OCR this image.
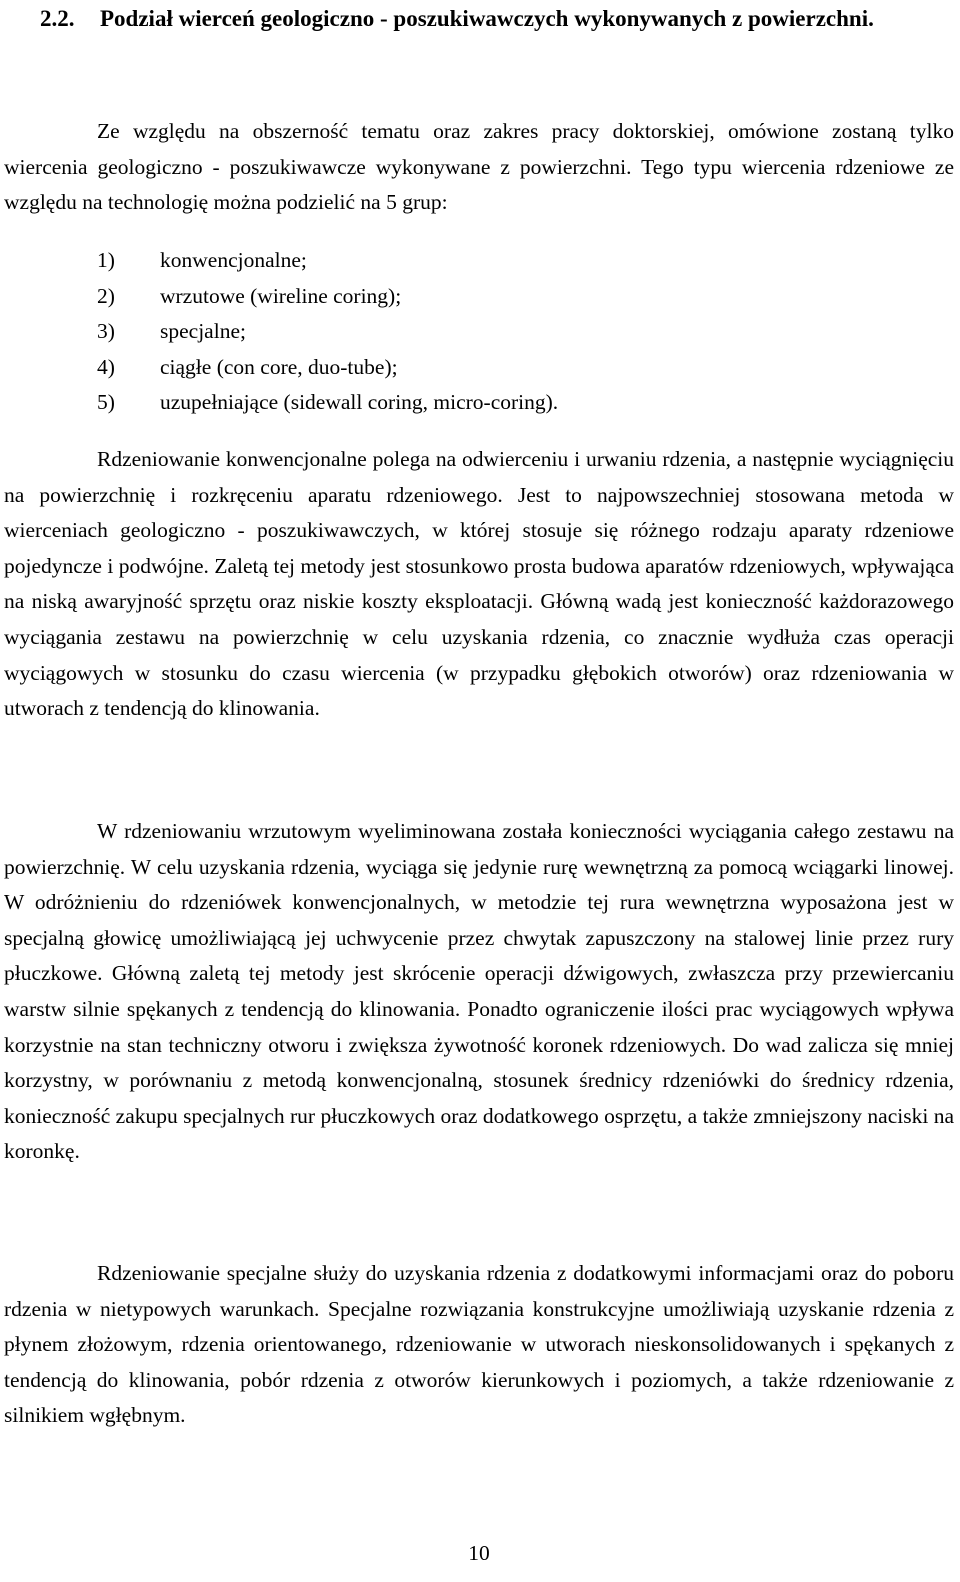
2.2. Podział wierceń geologiczno - poszukiwawczych wykonywanych z powierzchni.

Ze względu na obszerność tematu oraz zakres pracy doktorskiej, omówione zostaną tylko wiercenia geologiczno - poszukiwawcze wykonywane z powierzchni. Tego typu wiercenia rdzeniowe ze względu na technologię można podzielić na 5 grup:

1)	konwencjonalne;
2)	wrzutowe (wireline coring);
3)	specjalne;
4)	ciągłe (con core, duo-tube);
5)	uzupełniające (sidewall coring, micro-coring).

Rdzeniowanie konwencjonalne polega na odwierceniu i urwaniu rdzenia, a następnie wyciągnięciu na powierzchnię i rozkręceniu aparatu rdzeniowego. Jest to najpowszechniej stosowana metoda w wierceniach geologiczno - poszukiwawczych, w której stosuje się różnego rodzaju aparaty rdzeniowe pojedyncze i podwójne. Zaletą tej metody jest stosunkowo prosta budowa aparatów rdzeniowych, wpływająca na niską awaryjność sprzętu oraz niskie koszty eksploatacji. Główną wadą jest konieczność każdorazowego wyciągania zestawu na powierzchnię w celu uzyskania rdzenia, co znacznie wydłuża czas operacji wyciągowych w stosunku do czasu wiercenia (w przypadku głębokich otworów) oraz rdzeniowania w utworach z tendencją do klinowania.

W rdzeniowaniu wrzutowym wyeliminowana została konieczności wyciągania całego zestawu na powierzchnię. W celu uzyskania rdzenia, wyciąga się jedynie rurę wewnętrzną za pomocą wciągarki linowej. W odróżnieniu do rdzeniówek konwencjonalnych, w metodzie tej rura wewnętrzna wyposażona jest w specjalną głowicę umożliwiającą jej uchwycenie przez chwytak zapuszczony na stalowej linie przez rury płuczkowe. Główną zaletą tej metody jest skrócenie operacji dźwigowych, zwłaszcza przy przewiercaniu warstw silnie spękanych z tendencją do klinowania. Ponadto ograniczenie ilości prac wyciągowych wpływa korzystnie na stan techniczny otworu i zwiększa żywotność koronek rdzeniowych. Do wad zalicza się mniej korzystny, w porównaniu z metodą konwencjonalną, stosunek średnicy rdzeniówki do średnicy rdzenia, konieczność zakupu specjalnych rur płuczkowych oraz dodatkowego osprzętu, a także zmniejszony naciski na koronkę.

Rdzeniowanie specjalne służy do uzyskania rdzenia z dodatkowymi informacjami oraz do poboru rdzenia w nietypowych warunkach. Specjalne rozwiązania konstrukcyjne umożliwiają uzyskanie rdzenia z płynem złożowym, rdzenia orientowanego, rdzeniowanie w utworach nieskonsolidowanych i spękanych z tendencją do klinowania, pobór rdzenia z otworów kierunkowych i poziomych, a także rdzeniowanie z silnikiem wgłębnym.

10
